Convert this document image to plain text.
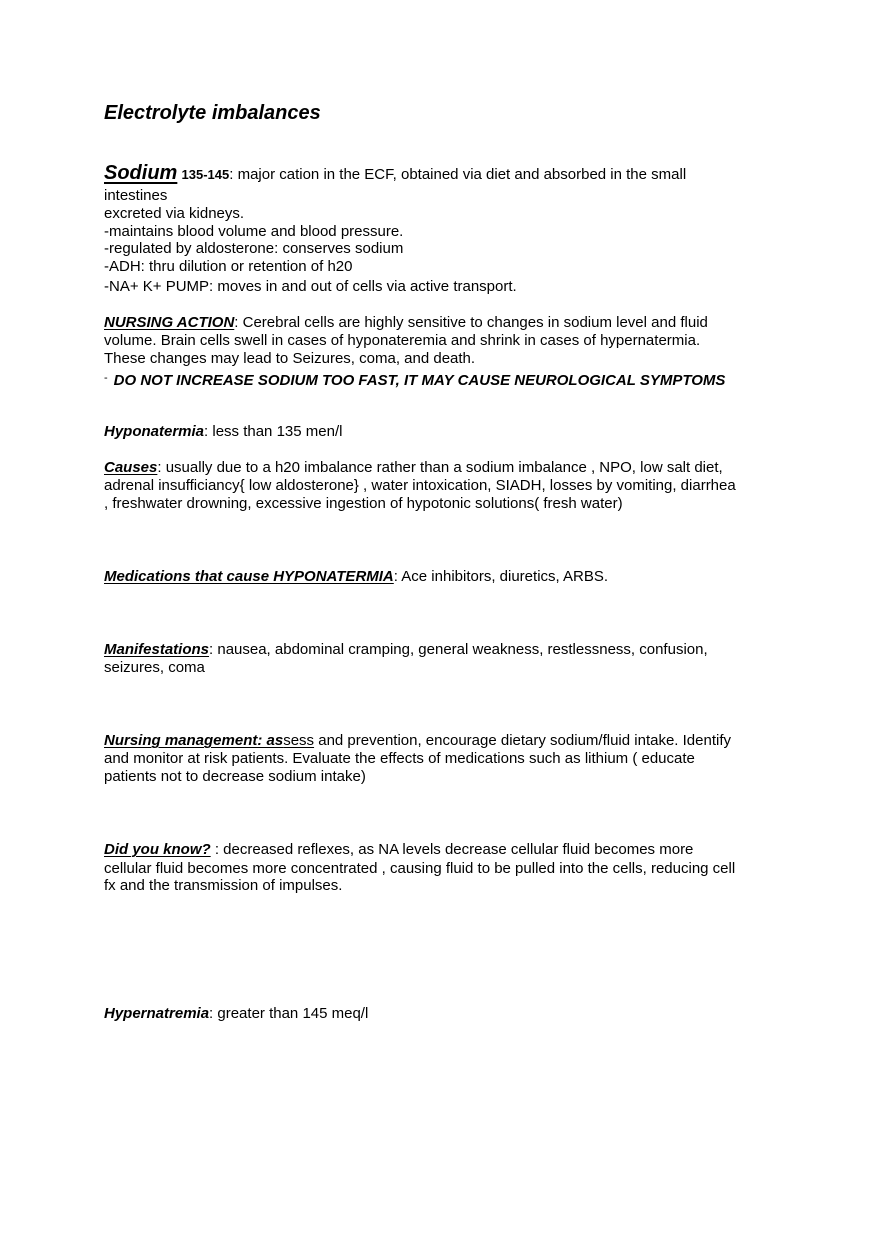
Electrolyte imbalances

Sodium 135-145: major cation in the ECF, obtained via diet and absorbed in the small

intestines

excreted via kidneys.

-maintains blood volume and blood pressure.

-regulated by aldosterone: conserves sodium

-ADH: thru dilution or retention of h20

-NA+ K+ PUMP: moves in and out of cells via active transport.

NURSING ACTION: Cerebral cells are highly sensitive to changes in sodium level and fluid

volume. Brain cells swell in cases of hyponateremia and shrink in cases of hypernatermia.

These changes may lead to Seizures, coma, and death.

- DO NOT INCREASE SODIUM TOO FAST, IT MAY CAUSE NEUROLOGICAL SYMPTOMS

Hyponatermia: less than 135 men/l

Causes: usually due to a h20 imbalance rather than a sodium imbalance , NPO, low salt diet,

adrenal insufficiancy{ low aldosterone} , water intoxication, SIADH, losses by vomiting, diarrhea

, freshwater drowning, excessive ingestion of hypotonic solutions( fresh water)

Medications that cause HYPONATERMIA: Ace inhibitors, diuretics, ARBS.

Manifestations: nausea, abdominal cramping, general weakness, restlessness, confusion,

seizures, coma

Nursing management: assess and prevention, encourage dietary sodium/fluid intake. Identify

and monitor at risk patients. Evaluate the effects of medications such as lithium ( educate

patients not to decrease sodium intake)

Did you know? : decreased reflexes, as NA levels decrease cellular fluid becomes more

cellular fluid becomes more concentrated , causing fluid to be pulled into the cells, reducing cell

fx and the transmission of impulses.

Hypernatremia: greater than 145 meq/l
